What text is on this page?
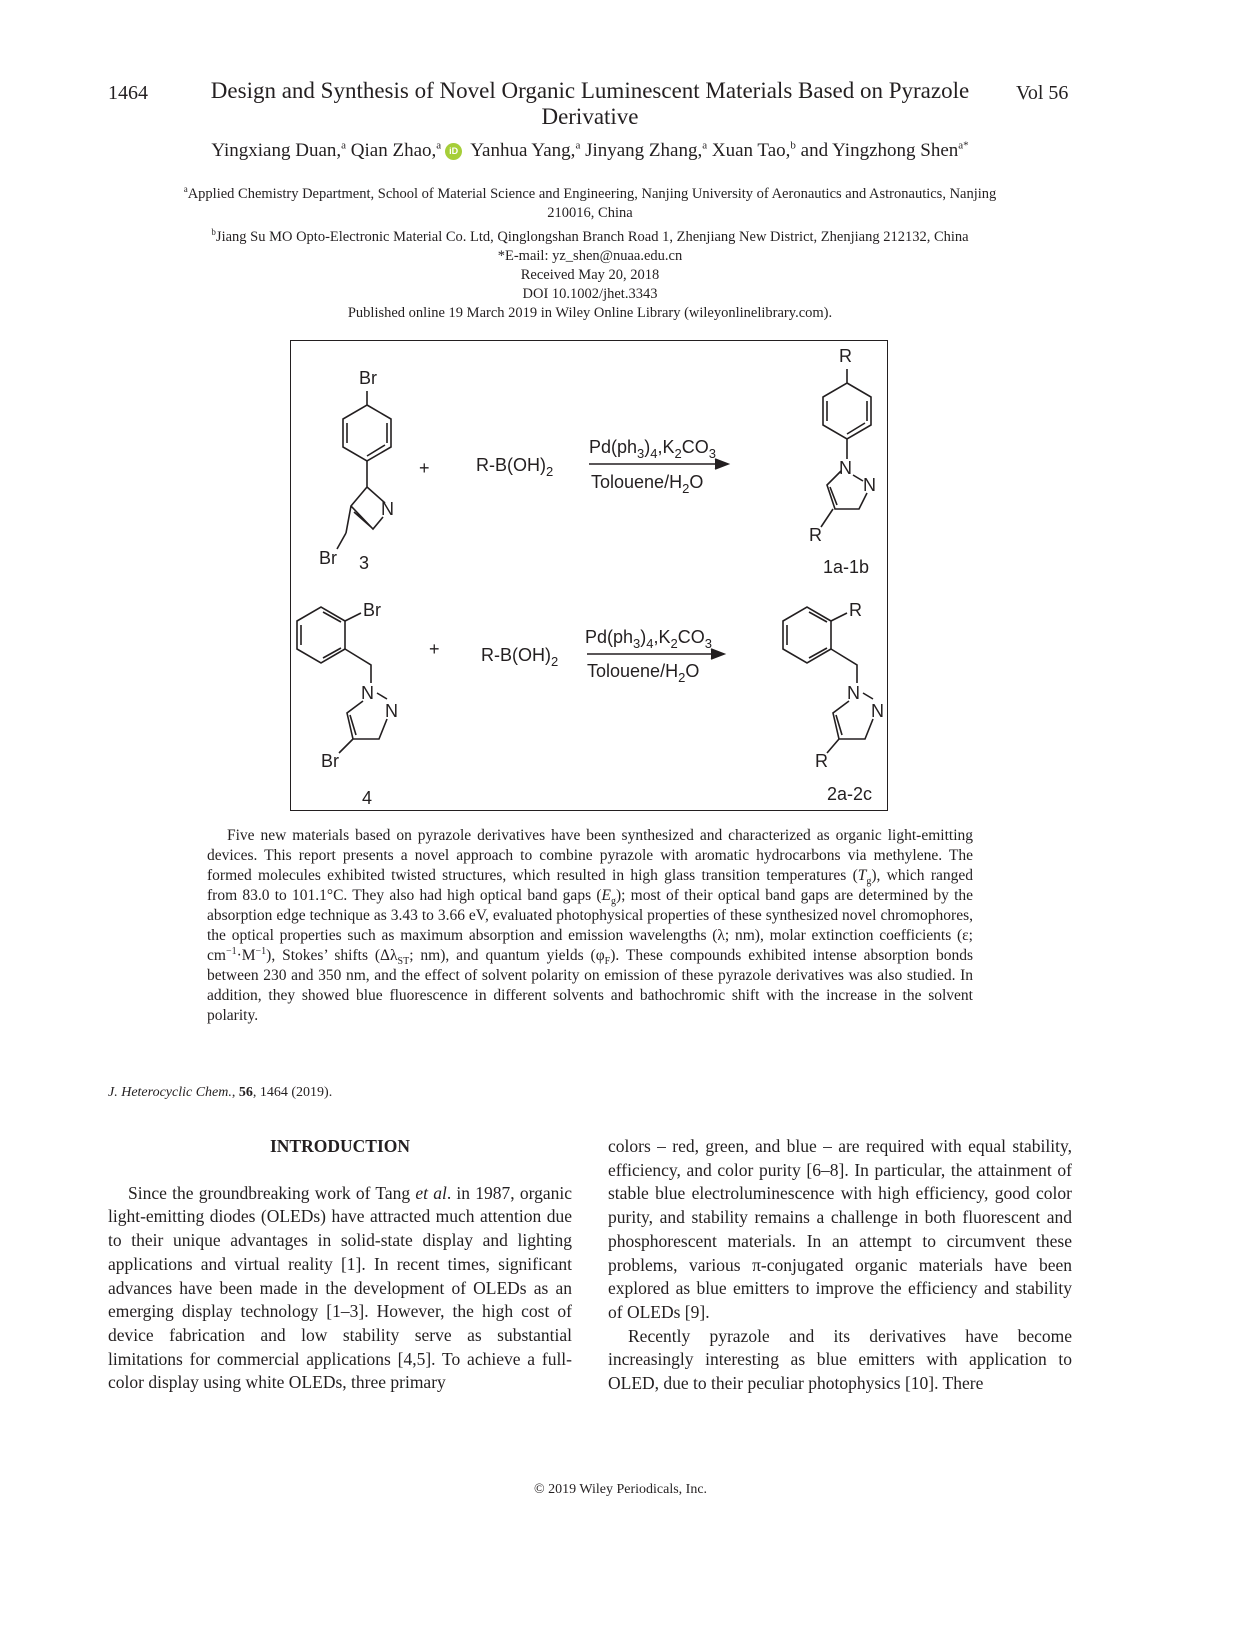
1464	Vol 56
Design and Synthesis of Novel Organic Luminescent Materials Based on Pyrazole Derivative
Yingxiang Duan,$^a$ Qian Zhao,$^a$ iD Yanhua Yang,$^a$ Jinyang Zhang,$^a$ Xuan Tao,$^b$ and Yingzhong Shen$^{a*}$
$^a$Applied Chemistry Department, School of Material Science and Engineering, Nanjing University of Aeronautics and Astronautics, Nanjing 210016, China
$^b$Jiang Su MO Opto-Electronic Material Co. Ltd, Qinglongshan Branch Road 1, Zhenjiang New District, Zhenjiang 212132, China
*E-mail: yz_shen@nuaa.edu.cn
Received May 20, 2018
DOI 10.1002/jhet.3343
Published online 19 March 2019 in Wiley Online Library (wileyonlinelibrary.com).
Br
N
Br 3
+	$R-B(OH)_2$
$Pd(ph_3)_4,K_2CO_3$
Tolouene/$H_2O$
R
N
N
R
1a-1b
Br
N
N
Br
4
+ $R-B(OH)_2$
$Pd(ph_3)_4,K_2CO_3$
Tolouene/$H_2O$
R
N
N
R
2a-2c
Five new materials based on pyrazole derivatives have been synthesized and characterized as organic light-emitting devices. This report presents a novel approach to combine pyrazole with aromatic hydrocarbons via methylene. The formed molecules exhibited twisted structures, which resulted in high glass transition temperatures $(T_g)$, which ranged from 83.0 to 101.1°C. They also had high optical band gaps $(E_g)$; most of their optical band gaps are determined by the absorption edge technique as 3.43 to 3.66 eV, evaluated photophysical properties of these synthesized novel chromophores, the optical properties such as maximum absorption and emission wavelengths (λ; nm), molar extinction coefficients (ε; $cm^{-1}\cdot M^{-1}$), Stokes’ shifts ($\Delta\lambda_{ST}$; nm), and quantum yields $(\varphi_F)$. These compounds exhibited intense absorption bonds between 230 and 350 nm, and the effect of solvent polarity on emission of these pyrazole derivatives was also studied. In addition, they showed blue fluorescence in different solvents and bathochromic shift with the increase in the solvent polarity.
J. Heterocyclic Chem., 56, 1464 (2019).
INTRODUCTION

Since the groundbreaking work of Tang et al. in 1987, organic light-emitting diodes (OLEDs) have attracted much attention due to their unique advantages in solid-state display and lighting applications and virtual reality [1]. In recent times, significant advances have been made in the development of OLEDs as an emerging display technology [1–3]. However, the high cost of device fabrication and low stability serve as substantial limitations for commercial applications [4,5]. To achieve a full-color display using white OLEDs, three primary

colors – red, green, and blue – are required with equal stability, efficiency, and color purity [6–8]. In particular, the attainment of stable blue electroluminescence with high efficiency, good color purity, and stability remains a challenge in both fluorescent and phosphorescent materials. In an attempt to circumvent these problems, various π-conjugated organic materials have been explored as blue emitters to improve the efficiency and stability of OLEDs [9].

Recently pyrazole and its derivatives have become increasingly interesting as blue emitters with application to OLED, due to their peculiar photophysics [10]. There

© 2019 Wiley Periodicals, Inc.
